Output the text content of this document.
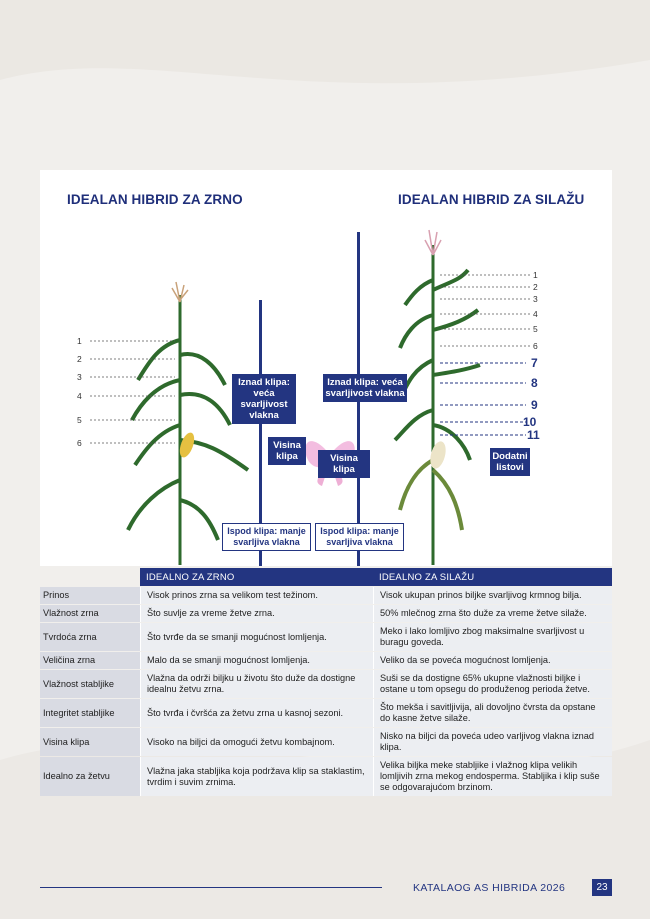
IDEALAN HIBRID ZA ZRNO	IDEALAN HIBRID ZA SILAŽU
1
2
3
4
5
6
1
2
3
4
5
6
7
8
9
10
11
Iznad klipa: veća svarljivost vlakna
Visina klipa
Iznad klipa: veća svarljivost vlakna
Visina klipa
Dodatni listovi
Ispod klipa: manje svarljiva vlakna
Ispod klipa: manje svarljiva vlakna
	IDEALNO ZA ZRNO	IDEALNO ZA SILAŽU
Prinos	Visok prinos zrna sa velikom test težinom.	Visok ukupan prinos biljke svarljivog krmnog bilja.
Vlažnost zrna	Što suvlje za vreme žetve zrna.	50% mlečnog zrna što duže za vreme žetve silaže.
Tvrdoća zrna	Što tvrđe da se smanji mogućnost lomljenja.	Meko i lako lomljivo zbog maksimalne svarljivost u buragu goveda.
Veličina zrna	Malo da se smanji mogućnost lomljenja.	Veliko da se poveća mogućnost lomljenja.
Vlažnost stabljike	Vlažna da održi biljku u životu što duže da dostigne idealnu žetvu zrna.	Suši se da dostigne 65% ukupne vlažnosti biljke i ostane u tom opsegu do produženog perioda žetve.
Integritet stabljike	Što tvrđa i čvršća za žetvu zrna u kasnoj sezoni.	Što mekša i savitljivija, ali dovoljno čvrsta da opstane do kasne žetve silaže.
Visina klipa	Visoko na biljci da omogući žetvu kombajnom.	Nisko na biljci da poveća udeo varljivog vlakna iznad klipa.
Idealno za žetvu	Vlažna jaka stabljika koja podržava klip sa staklastim, tvrdim i suvim zrnima.	Velika biljka meke stabljike i vlažnog klipa velikih lomljivih zrna mekog endosperma. Stabljika i klip suše se odgovarajućom brzinom.
KATALAOG AS HIBRIDA 2026	23
